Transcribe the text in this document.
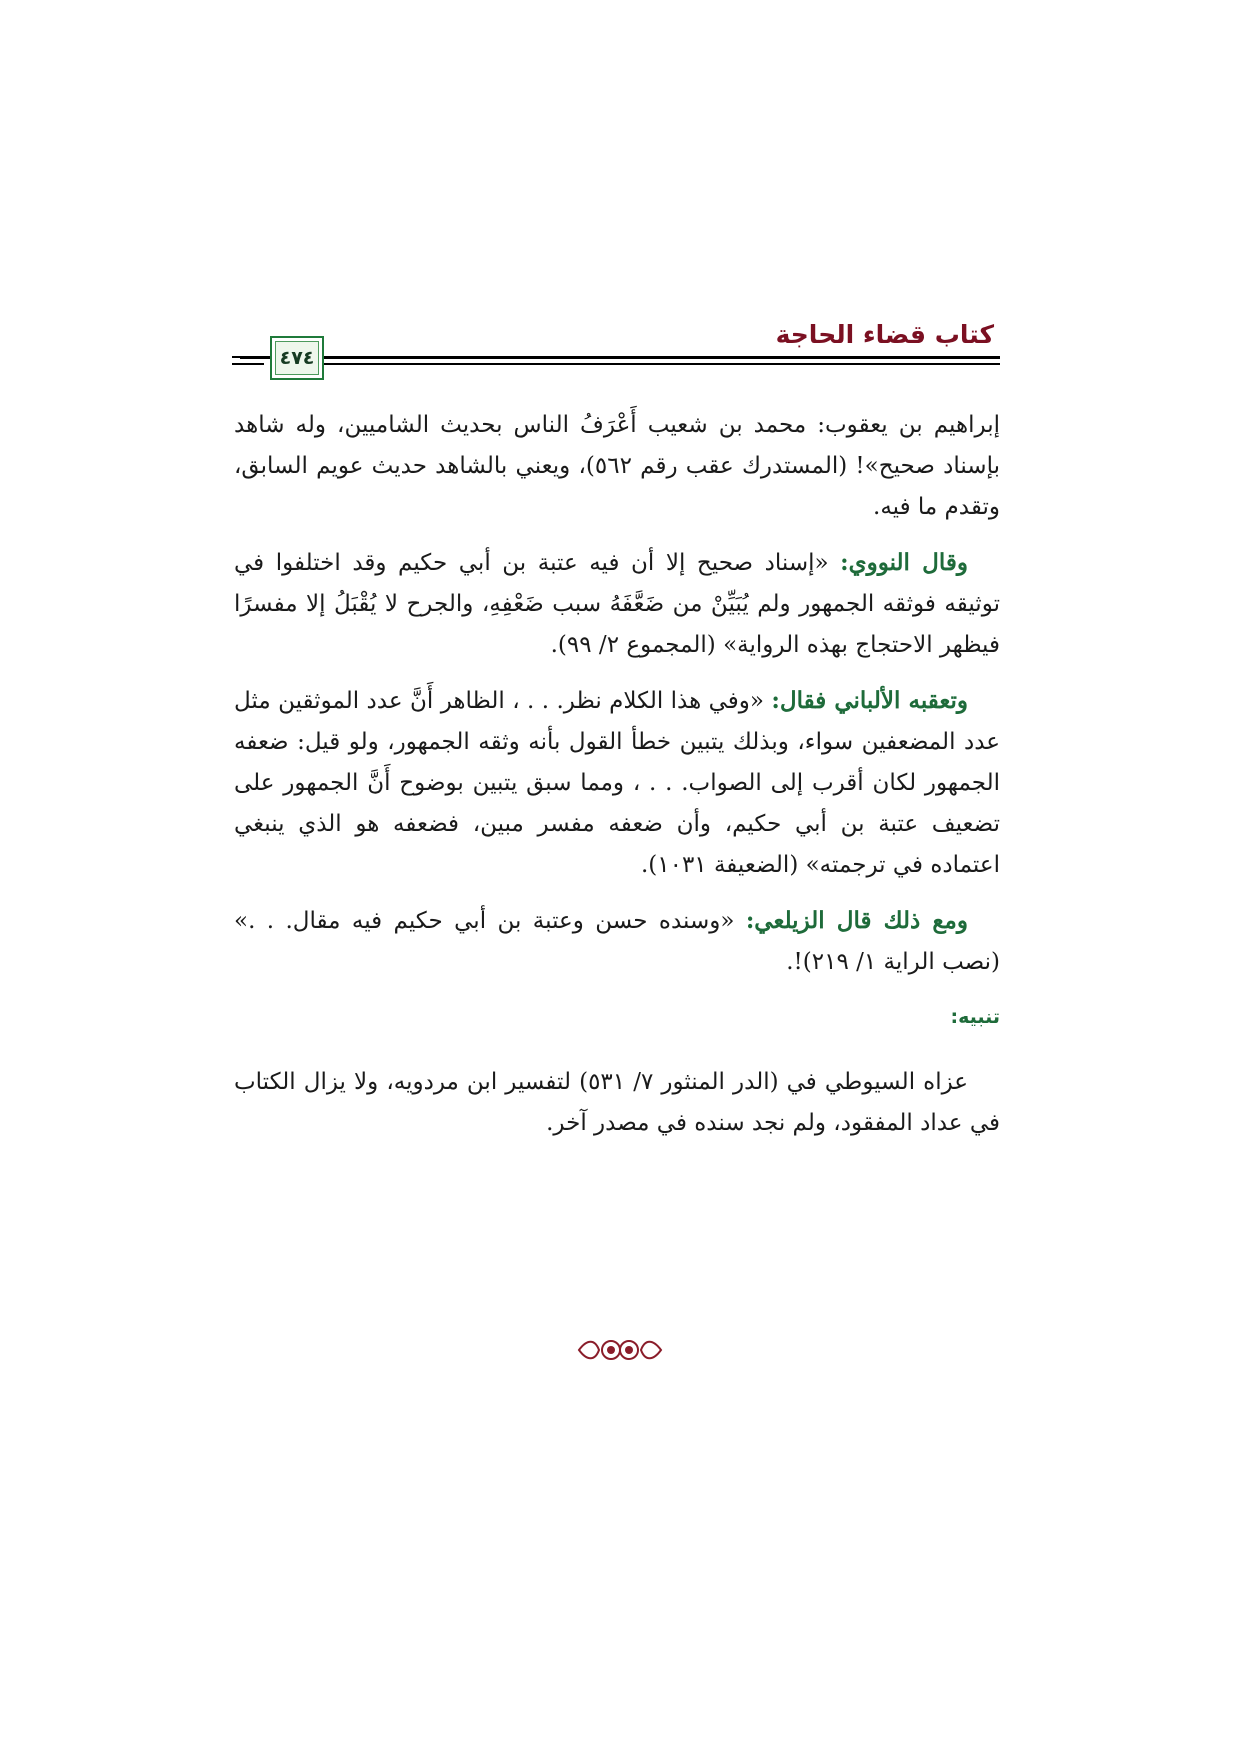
كتاب قضاء الحاجة
٤٧٤

إبراهيم بن يعقوب: محمد بن شعيب أَعْرَفُ الناس بحديث الشاميين، وله شاهد بإسناد صحيح»! (المستدرك عقب رقم ٥٦٢)، ويعني بالشاهد حديث عويم السابق، وتقدم ما فيه.

وقال النووي: «إسناد صحيح إلا أن فيه عتبة بن أبي حكيم وقد اختلفوا في توثيقه فوثقه الجمهور ولم يُبَيِّنْ من ضَعَّفَهُ سبب ضَعْفِهِ، والجرح لا يُقْبَلُ إلا مفسرًا فيظهر الاحتجاج بهذه الرواية» (المجموع ٢/ ٩٩).

وتعقبه الألباني فقال: «وفي هذا الكلام نظر. . . ، الظاهر أَنَّ عدد الموثقين مثل عدد المضعفين سواء، وبذلك يتبين خطأ القول بأنه وثقه الجمهور، ولو قيل: ضعفه الجمهور لكان أقرب إلى الصواب. . . ، ومما سبق يتبين بوضوح أَنَّ الجمهور على تضعيف عتبة بن أبي حكيم، وأن ضعفه مفسر مبين، فضعفه هو الذي ينبغي اعتماده في ترجمته» (الضعيفة ١٠٣١).

ومع ذلك قال الزيلعي: «وسنده حسن وعتبة بن أبي حكيم فيه مقال. . .» (نصب الراية ١/ ٢١٩)!.

تنبيه:

عزاه السيوطي في (الدر المنثور ٧/ ٥٣١) لتفسير ابن مردويه، ولا يزال الكتاب في عداد المفقود، ولم نجد سنده في مصدر آخر.
